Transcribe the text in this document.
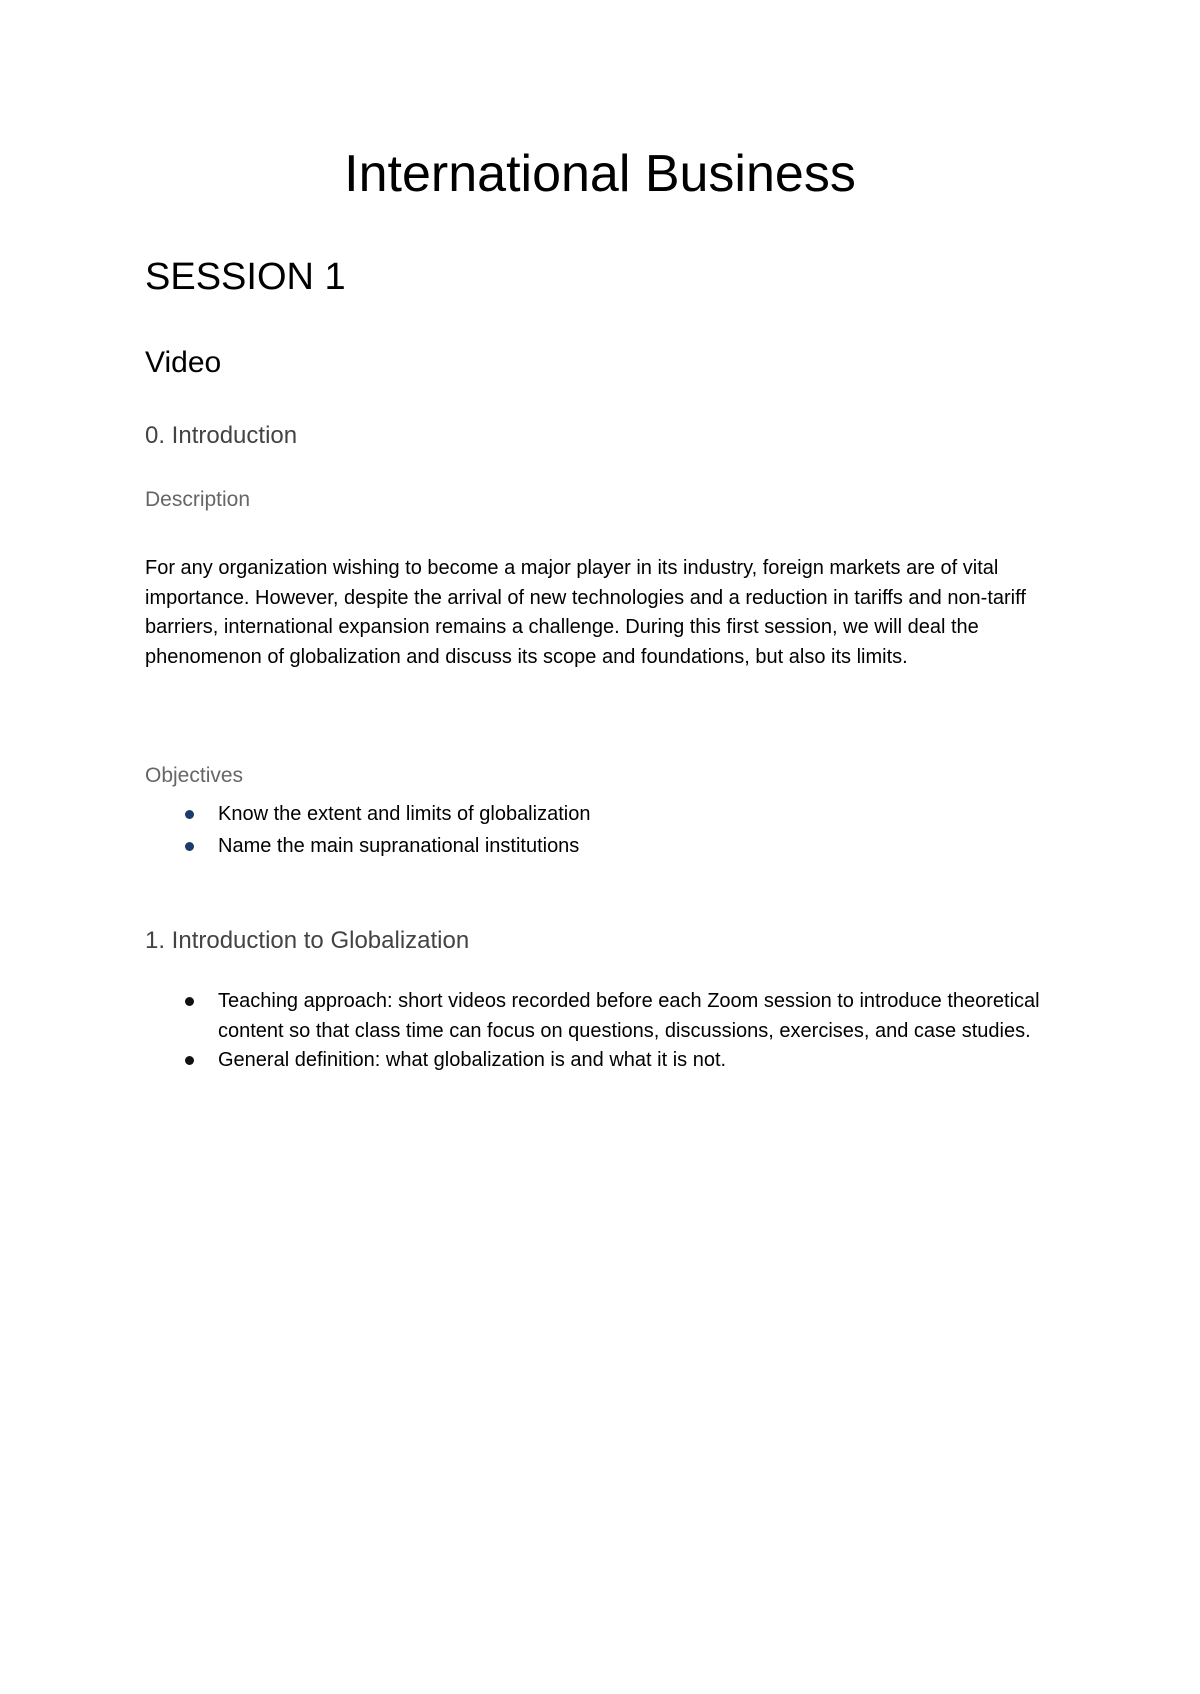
International Business
SESSION 1
Video
0. Introduction

Description

For any organization wishing to become a major player in its industry, foreign markets are of vital importance. However, despite the arrival of new technologies and a reduction in tariffs and non-tariff barriers, international expansion remains a challenge. During this first session, we will deal the phenomenon of globalization and discuss its scope and foundations, but also its limits.

Objectives

Know the extent and limits of globalization
Name the main supranational institutions
1. Introduction to Globalization
Teaching approach: short videos recorded before each Zoom session to introduce theoretical content so that class time can focus on questions, discussions, exercises, and case studies.
General definition: what globalization is and what it is not.
